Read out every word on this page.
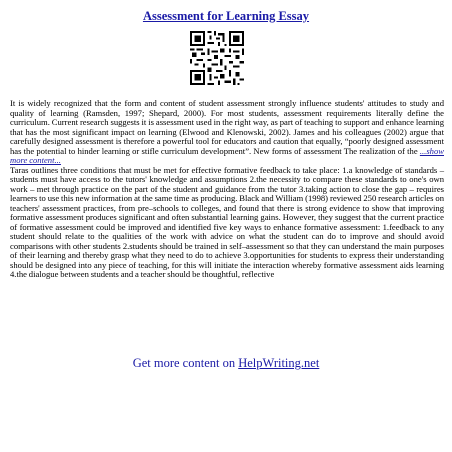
Assessment for Learning Essay
It is widely recognized that the form and content of student assessment strongly influence students' attitudes to study and quality of learning (Ramsden, 1997; Shepard, 2000). For most students, assessment requirements literally define the curriculum. Current research suggests it is assessment used in the right way, as part of teaching to support and enhance learning that has the most significant impact on learning (Elwood and Klenowski, 2002). James and his colleagues (2002) argue that carefully designed assessment is therefore a powerful tool for educators and caution that equally, “poorly designed assessment has the potential to hinder learning or stifle curriculum development”. New forms of assessment The realization of the ...show more content...
Taras outlines three conditions that must be met for effective formative feedback to take place: 1.a knowledge of standards – students must have access to the tutors' knowledge and assumptions 2.the necessity to compare these standards to one's own work – met through practice on the part of the student and guidance from the tutor 3.taking action to close the gap – requires learners to use this new information at the same time as producing. Black and William (1998) reviewed 250 research articles on teachers' assessment practices, from pre–schools to colleges, and found that there is strong evidence to show that improving formative assessment produces significant and often substantial learning gains. However, they suggest that the current practice of formative assessment could be improved and identified five key ways to enhance formative assessment: 1.feedback to any student should relate to the qualities of the work with advice on what the student can do to improve and should avoid comparisons with other students 2.students should be trained in self–assessment so that they can understand the main purposes of their learning and thereby grasp what they need to do to achieve 3.opportunities for students to express their understanding should be designed into any piece of teaching, for this will initiate the interaction whereby formative assessment aids learning 4.the dialogue between students and a teacher should be thoughtful, reflective
Get more content on HelpWriting.net
